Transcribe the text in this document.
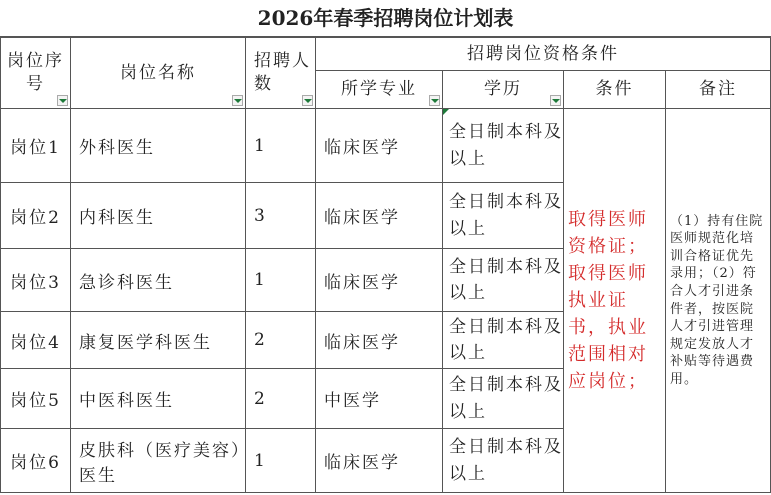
2026年春季招聘岗位计划表
岗位序号	岗位名称	招聘人数	招聘岗位资格条件			
			所学专业	学历	条件	备注
岗位1	外科医生	1	临床医学	全日制本科及以上	取得医师资格证；取得医师执业证书，执业范围相对应岗位；	（1）持有住院医师规范化培训合格证优先录用；（2）符合人才引进条件者，按医院人才引进管理规定发放人才补贴等待遇费用。
岗位2	内科医生	3	临床医学	全日制本科及以上		
岗位3	急诊科医生	1	临床医学	全日制本科及以上		
岗位4	康复医学科医生	2	临床医学	全日制本科及以上		
岗位5	中医科医生	2	中医学	全日制本科及以上		
岗位6	皮肤科（医疗美容）医生	1	临床医学	全日制本科及以上		
